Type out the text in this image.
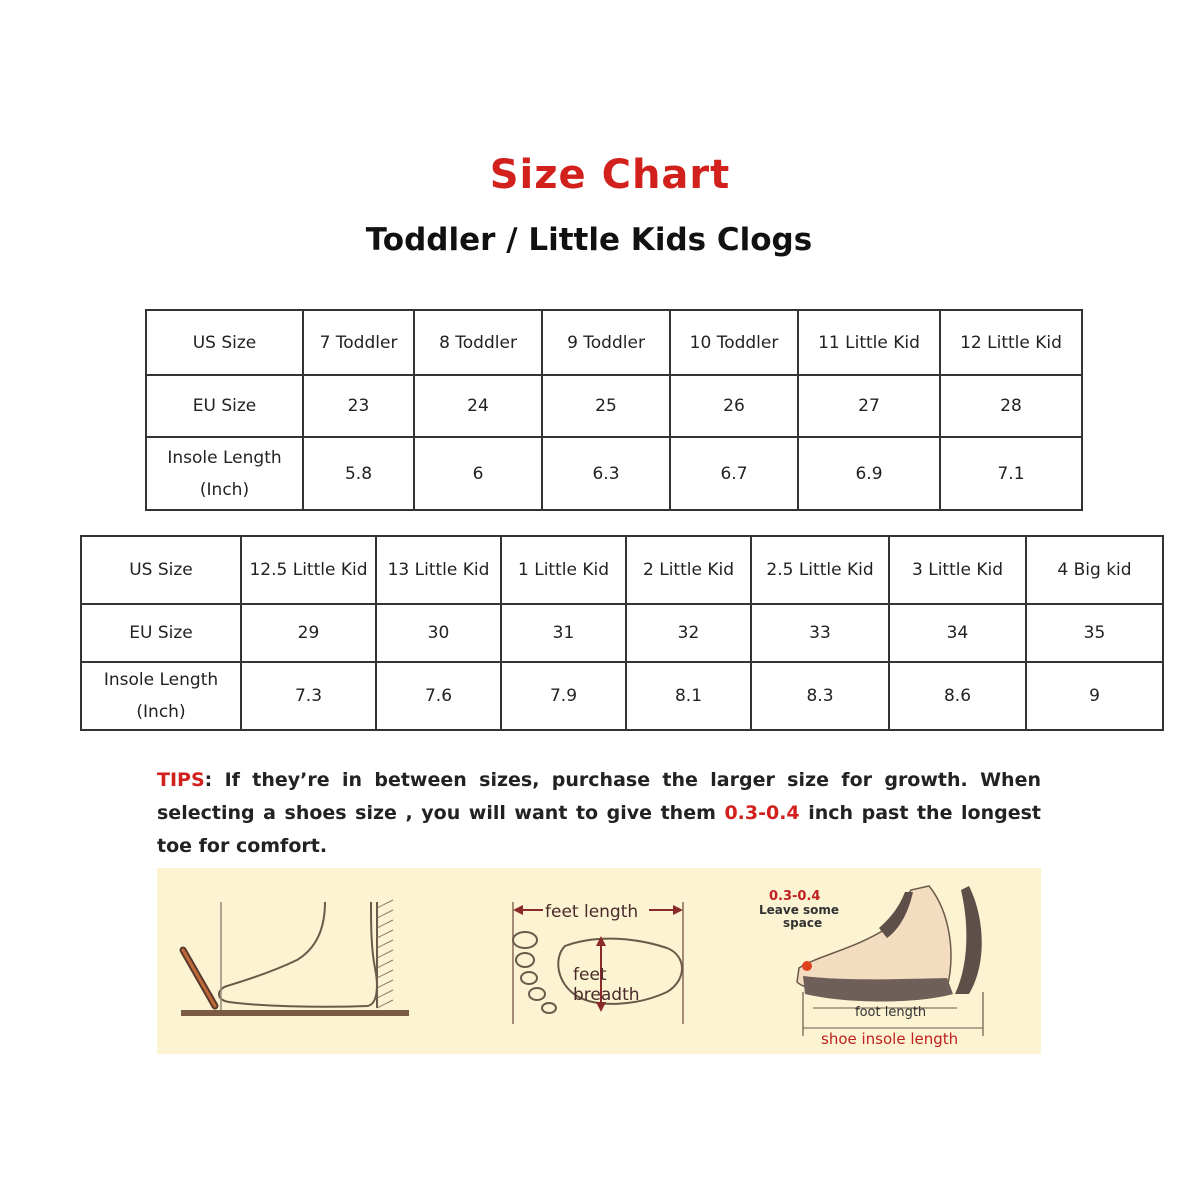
Size Chart
Toddler / Little Kids Clogs
US Size	7 Toddler	8 Toddler	9 Toddler	10 Toddler	11 Little Kid	12 Little Kid
EU Size	23	24	25	26	27	28
Insole Length (Inch)	5.8	6	6.3	6.7	6.9	7.1
US Size	12.5 Little Kid	13 Little Kid	1 Little Kid	2 Little Kid	2.5 Little Kid	3 Little Kid	4 Big kid
EU Size	29	30	31	32	33	34	35
Insole Length (Inch)	7.3	7.6	7.9	8.1	8.3	8.6	9
TIPS: If they’re in between sizes, purchase the larger size for growth. When selecting a shoes size , you will want to give them 0.3-0.4 inch past the longest toe for comfort.
feet length
feet
breadth
0.3-0.4
Leave some
space
foot length
shoe insole length
